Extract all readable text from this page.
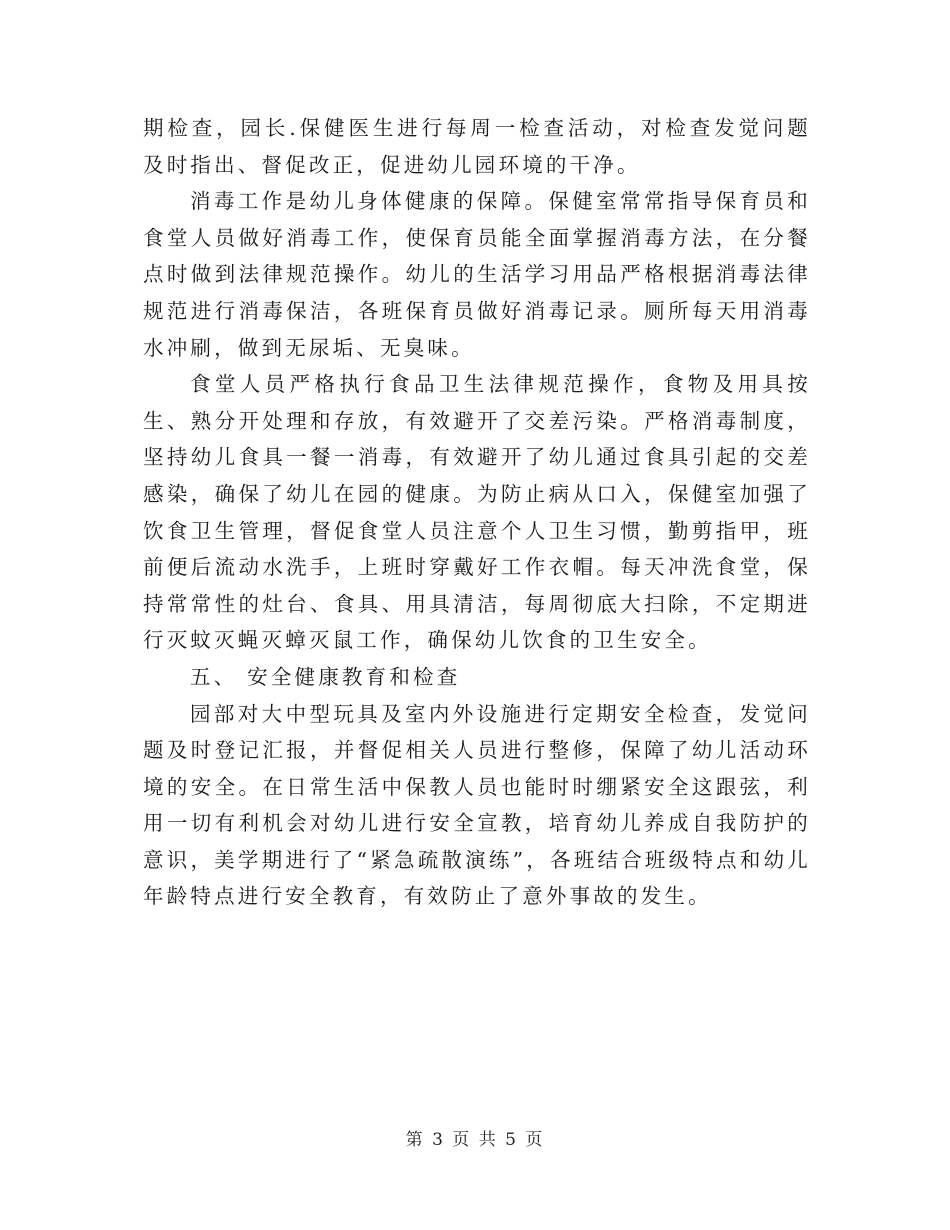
期检查，园长.保健医生进行每周一检查活动，对检查发觉问题及时指出、督促改正，促进幼儿园环境的干净。

消毒工作是幼儿身体健康的保障。保健室常常指导保育员和食堂人员做好消毒工作，使保育员能全面掌握消毒方法，在分餐点时做到法律规范操作。幼儿的生活学习用品严格根据消毒法律规范进行消毒保洁，各班保育员做好消毒记录。厕所每天用消毒水冲刷，做到无尿垢、无臭味。

食堂人员严格执行食品卫生法律规范操作，食物及用具按生、熟分开处理和存放，有效避开了交差污染。严格消毒制度，坚持幼儿食具一餐一消毒，有效避开了幼儿通过食具引起的交差感染，确保了幼儿在园的健康。为防止病从口入，保健室加强了饮食卫生管理，督促食堂人员注意个人卫生习惯，勤剪指甲，班前便后流动水洗手，上班时穿戴好工作衣帽。每天冲洗食堂，保持常常性的灶台、食具、用具清洁，每周彻底大扫除，不定期进行灭蚊灭蝇灭蟑灭鼠工作，确保幼儿饮食的卫生安全。

五、 安全健康教育和检查

园部对大中型玩具及室内外设施进行定期安全检查，发觉问题及时登记汇报，并督促相关人员进行整修，保障了幼儿活动环境的安全。在日常生活中保教人员也能时时绷紧安全这跟弦，利用一切有利机会对幼儿进行安全宣教，培育幼儿养成自我防护的意识，美学期进行了“紧急疏散演练”，各班结合班级特点和幼儿年龄特点进行安全教育，有效防止了意外事故的发生。

第 3 页 共 5 页
